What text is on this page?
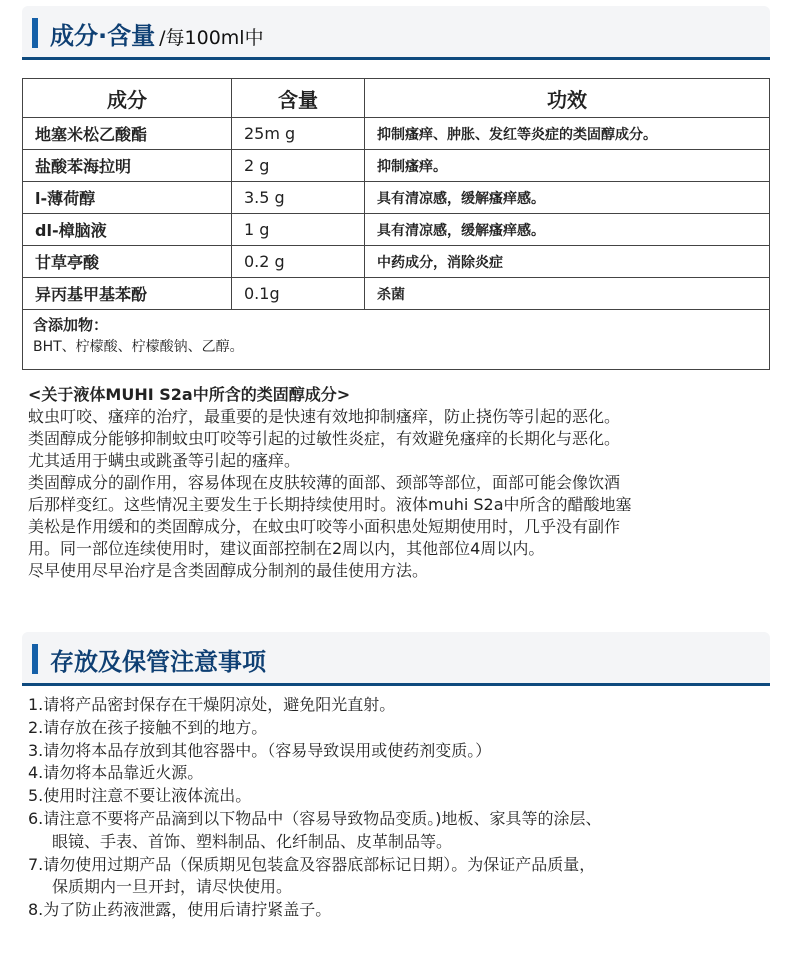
成分·含量 /每100ml中
成分	含量	功效
地塞米松乙酸酯	25m g	抑制瘙痒、肿胀、发红等炎症的类固醇成分。
盐酸苯海拉明	2 g	抑制瘙痒。
l-薄荷醇	3.5 g	具有清凉感，缓解瘙痒感。
dl-樟脑液	1 g	具有清凉感，缓解瘙痒感。
甘草亭酸	0.2 g	中药成分，消除炎症
异丙基甲基苯酚	0.1g	杀菌

含添加物：
BHT、柠檬酸、柠檬酸钠、乙醇。		
<关于液体MUHI S2a中所含的类固醇成分>
蚊虫叮咬、瘙痒的治疗，最重要的是快速有效地抑制瘙痒，防止挠伤等引起的恶化。
类固醇成分能够抑制蚊虫叮咬等引起的过敏性炎症，有效避免瘙痒的长期化与恶化。
尤其适用于螨虫或跳蚤等引起的瘙痒。
类固醇成分的副作用，容易体现在皮肤较薄的面部、颈部等部位，面部可能会像饮酒
后那样变红。这些情况主要发生于长期持续使用时。液体muhi S2a中所含的醋酸地塞
美松是作用缓和的类固醇成分，在蚊虫叮咬等小面积患处短期使用时，几乎没有副作
用。同一部位连续使用时，建议面部控制在2周以内，其他部位4周以内。
尽早使用尽早治疗是含类固醇成分制剂的最佳使用方法。
存放及保管注意事项
1.请将产品密封保存在干燥阴凉处，避免阳光直射。
2.请存放在孩子接触不到的地方。
3.请勿将本品存放到其他容器中。（容易导致误用或使药剂变质。）
4.请勿将本品靠近火源。
5.使用时注意不要让液体流出。
6.请注意不要将产品滴到以下物品中（容易导致物品变质。)地板、家具等的涂层、
眼镜、手表、首饰、塑料制品、化纤制品、皮革制品等。
7.请勿使用过期产品（保质期见包装盒及容器底部标记日期）。为保证产品质量，
保质期内一旦开封，请尽快使用。
8.为了防止药液泄露，使用后请拧紧盖子。
